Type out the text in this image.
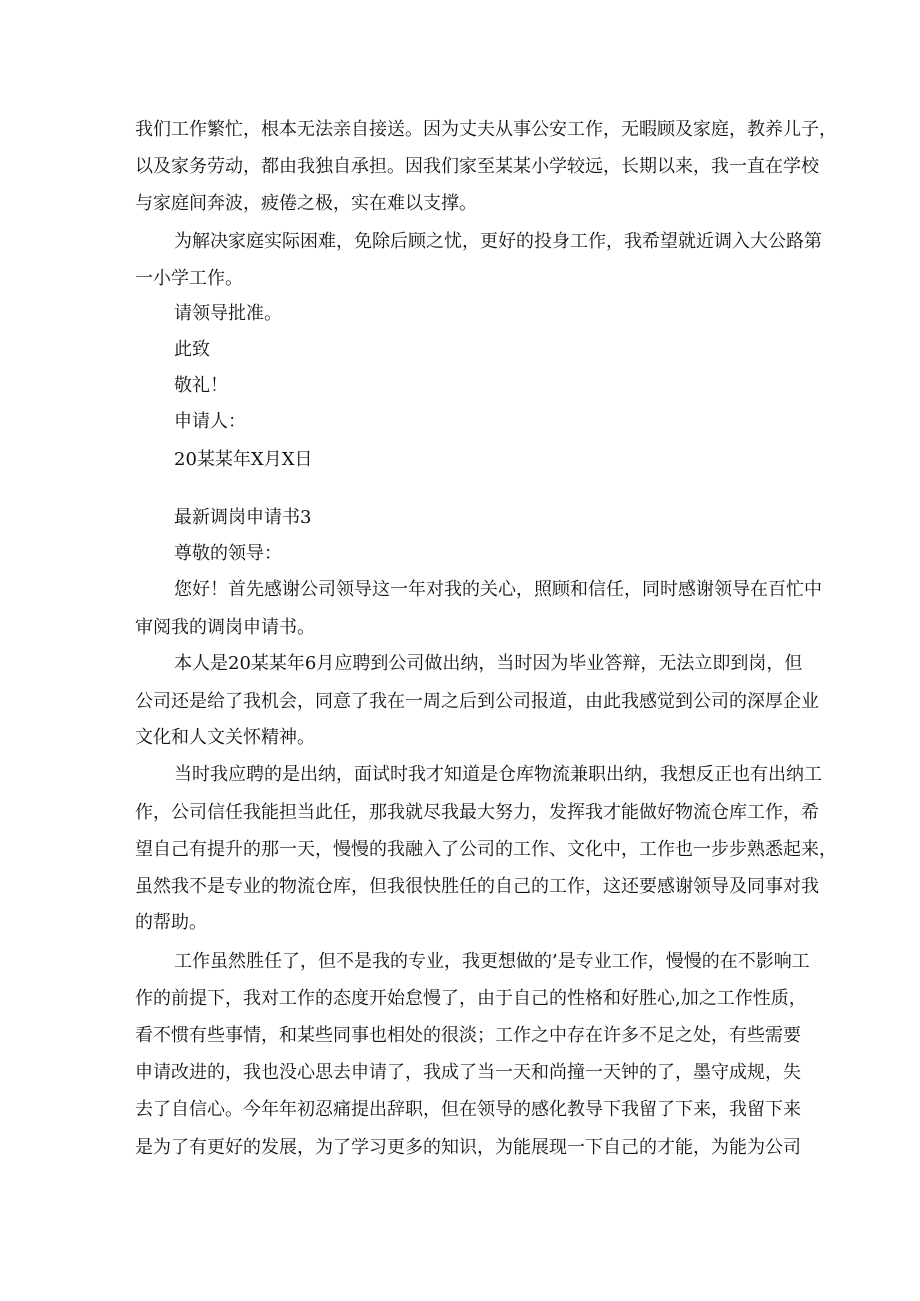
我们工作繁忙，根本无法亲自接送。因为丈夫从事公安工作，无暇顾及家庭，教养儿子，
以及家务劳动，都由我独自承担。因我们家至某某小学较远，长期以来，我一直在学校
与家庭间奔波，疲倦之极，实在难以支撑。
为解决家庭实际困难，免除后顾之忧，更好的投身工作，我希望就近调入大公路第
一小学工作。
请领导批准。
此致
敬礼！
申请人：
20某某年X月X日
最新调岗申请书3
尊敬的领导：
您好！首先感谢公司领导这一年对我的关心，照顾和信任，同时感谢领导在百忙中
审阅我的调岗申请书。
本人是20某某年6月应聘到公司做出纳，当时因为毕业答辩，无法立即到岗，但
公司还是给了我机会，同意了我在一周之后到公司报道，由此我感觉到公司的深厚企业
文化和人文关怀精神。
当时我应聘的是出纳，面试时我才知道是仓库物流兼职出纳，我想反正也有出纳工
作，公司信任我能担当此任，那我就尽我最大努力，发挥我才能做好物流仓库工作，希
望自己有提升的那一天，慢慢的我融入了公司的工作、文化中，工作也一步步熟悉起来，
虽然我不是专业的物流仓库，但我很快胜任的自己的工作，这还要感谢领导及同事对我
的帮助。
工作虽然胜任了，但不是我的专业，我更想做的’是专业工作，慢慢的在不影响工
作的前提下，我对工作的态度开始怠慢了，由于自己的性格和好胜心,加之工作性质，
看不惯有些事情，和某些同事也相处的很淡；工作之中存在许多不足之处，有些需要
申请改进的，我也没心思去申请了，我成了当一天和尚撞一天钟的了，墨守成规，失
去了自信心。今年年初忍痛提出辞职，但在领导的感化教导下我留了下来，我留下来
是为了有更好的发展，为了学习更多的知识，为能展现一下自己的才能，为能为公司
